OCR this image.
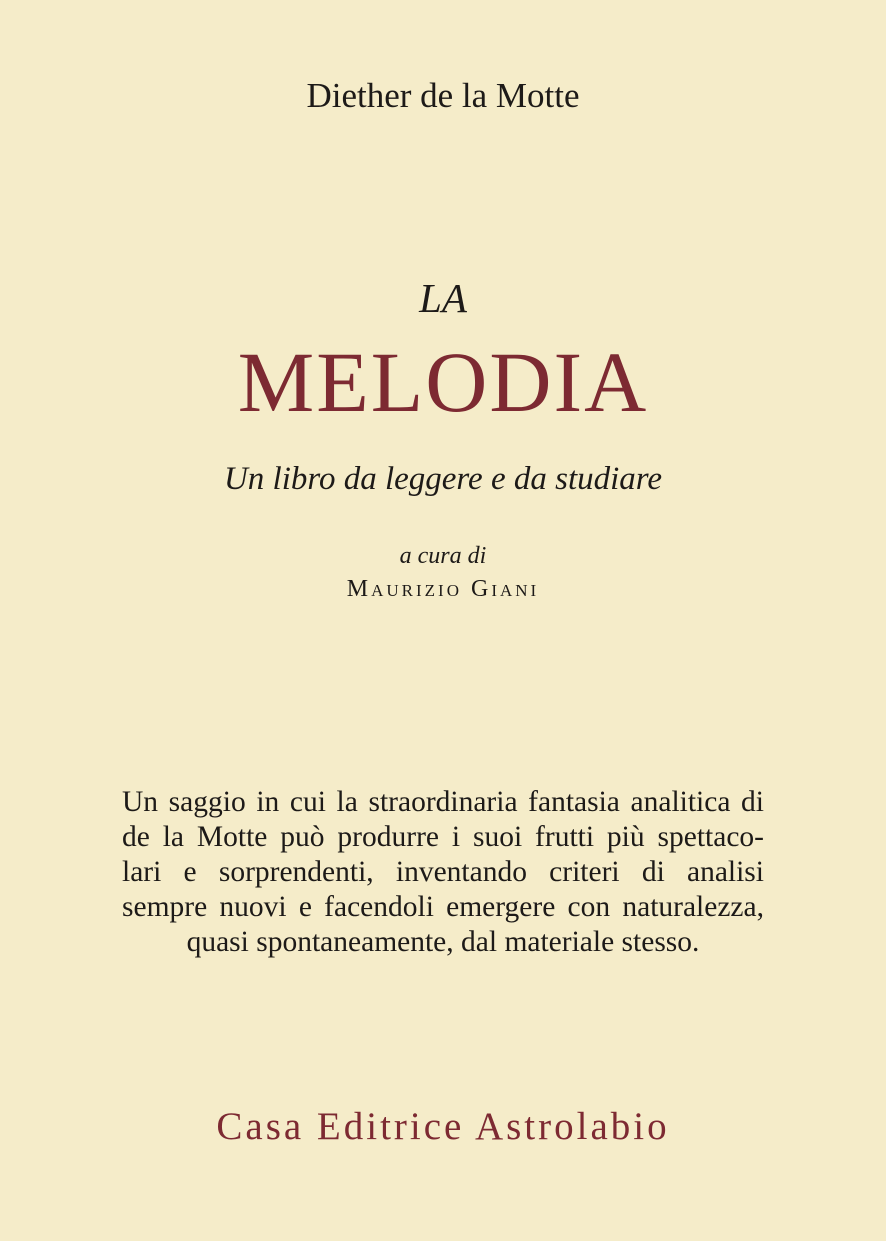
Diether de la Motte
LA
MELODIA
Un libro da leggere e da studiare
a cura di
Maurizio Giani
Un saggio in cui la straordinaria fantasia analitica di
de la Motte può produrre i suoi frutti più spettaco-
lari e sorprendenti, inventando criteri di analisi
sempre nuovi e facendoli emergere con naturalezza,
quasi spontaneamente, dal materiale stesso.
Casa Editrice Astrolabio
